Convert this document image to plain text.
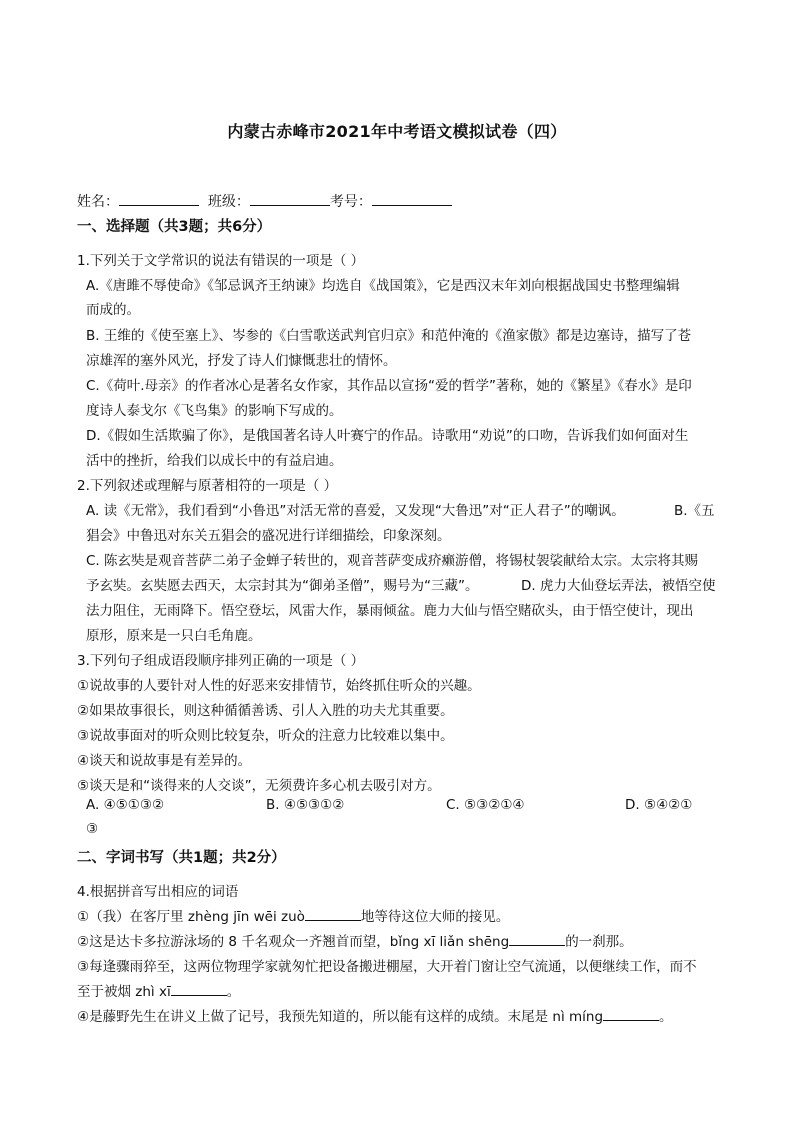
内蒙古赤峰市2021年中考语文模拟试卷（四）
姓名：	班级：	考号：
一、选择题（共3题；共6分）
1.下列关于文学常识的说法有错误的一项是（ ）
A.《唐雎不辱使命》《邹忌讽齐王纳谏》均选自《战国策》，它是西汉末年刘向根据战国史书整理编辑
而成的。
B. 王维的《使至塞上》、岑参的《白雪歌送武判官归京》和范仲淹的《渔家傲》都是边塞诗，描写了苍
凉雄浑的塞外风光，抒发了诗人们慷慨悲壮的情怀。
C.《荷叶.母亲》的作者冰心是著名女作家，其作品以宣扬“爱的哲学”著称，她的《繁星》《春水》是印
度诗人泰戈尔《飞鸟集》的影响下写成的。
D.《假如生活欺骗了你》，是俄国著名诗人叶赛宁的作品。诗歌用“劝说”的口吻，告诉我们如何面对生
活中的挫折，给我们以成长中的有益启迪。
2.下列叙述或理解与原著相符的一项是（ ）
A. 读《无常》，我们看到“小鲁迅”对活无常的喜爱，又发现“大鲁迅”对“正人君子”的嘲讽。	B.《五
猖会》中鲁迅对东关五猖会的盛况进行详细描绘，印象深刻。
C. 陈玄奘是观音菩萨二弟子金蝉子转世的，观音菩萨变成疥癞游僧，将锡杖袈裟献给太宗。太宗将其赐
予玄奘。玄奘愿去西天，太宗封其为“御弟圣僧”，赐号为“三藏”。	D. 虎力大仙登坛弄法，被悟空使
法力阻住，无雨降下。悟空登坛，风雷大作，暴雨倾盆。鹿力大仙与悟空赌砍头，由于悟空使计，现出
原形，原来是一只白毛角鹿。
3.下列句子组成语段顺序排列正确的一项是（ ）
①说故事的人要针对人性的好恶来安排情节，始终抓住听众的兴趣。
②如果故事很长，则这种循循善诱、引人入胜的功夫尤其重要。
③说故事面对的听众则比较复杂，听众的注意力比较难以集中。
④谈天和说故事是有差异的。
⑤谈天是和“谈得来的人交谈”，无须费许多心机去吸引对方。
A. ④⑤①③②	B. ④⑤③①②	C. ⑤③②①④	D. ⑤④②①
③
二、字词书写（共1题；共2分）
4.根据拼音写出相应的词语
①（我）在客厅里 zhèng jīn wēi zuò	地等待这位大师的接见。
②这是达卡多拉游泳场的 8 千名观众一齐翘首而望，bǐng xī liǎn shēng	的一刹那。
③每逢骤雨猝至，这两位物理学家就匆忙把设备搬进棚屋，大开着门窗让空气流通，以便继续工作，而不
至于被烟 zhì xī	。
④是藤野先生在讲义上做了记号，我预先知道的，所以能有这样的成绩。末尾是 nì míng	。
